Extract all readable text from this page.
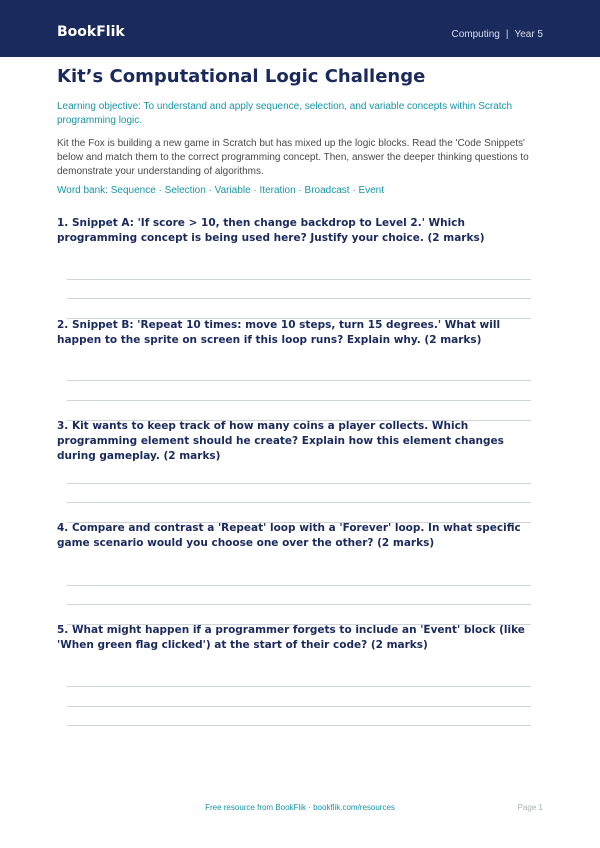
BookFlik	Computing | Year 5
Kit’s Computational Logic Challenge
Learning objective: To understand and apply sequence, selection, and variable concepts within Scratch programming logic.
Kit the Fox is building a new game in Scratch but has mixed up the logic blocks. Read the 'Code Snippets' below and match them to the correct programming concept. Then, answer the deeper thinking questions to demonstrate your understanding of algorithms.
Word bank: Sequence · Selection · Variable · Iteration · Broadcast · Event
1. Snippet A: 'If score > 10, then change backdrop to Level 2.' Which programming concept is being used here? Justify your choice. (2 marks)
2. Snippet B: 'Repeat 10 times: move 10 steps, turn 15 degrees.' What will happen to the sprite on screen if this loop runs? Explain why. (2 marks)
3. Kit wants to keep track of how many coins a player collects. Which programming element should he create? Explain how this element changes during gameplay. (2 marks)
4. Compare and contrast a 'Repeat' loop with a 'Forever' loop. In what specific game scenario would you choose one over the other? (2 marks)
5. What might happen if a programmer forgets to include an 'Event' block (like 'When green flag clicked') at the start of their code? (2 marks)
Free resource from BookFlik · bookflik.com/resources	Page 1
